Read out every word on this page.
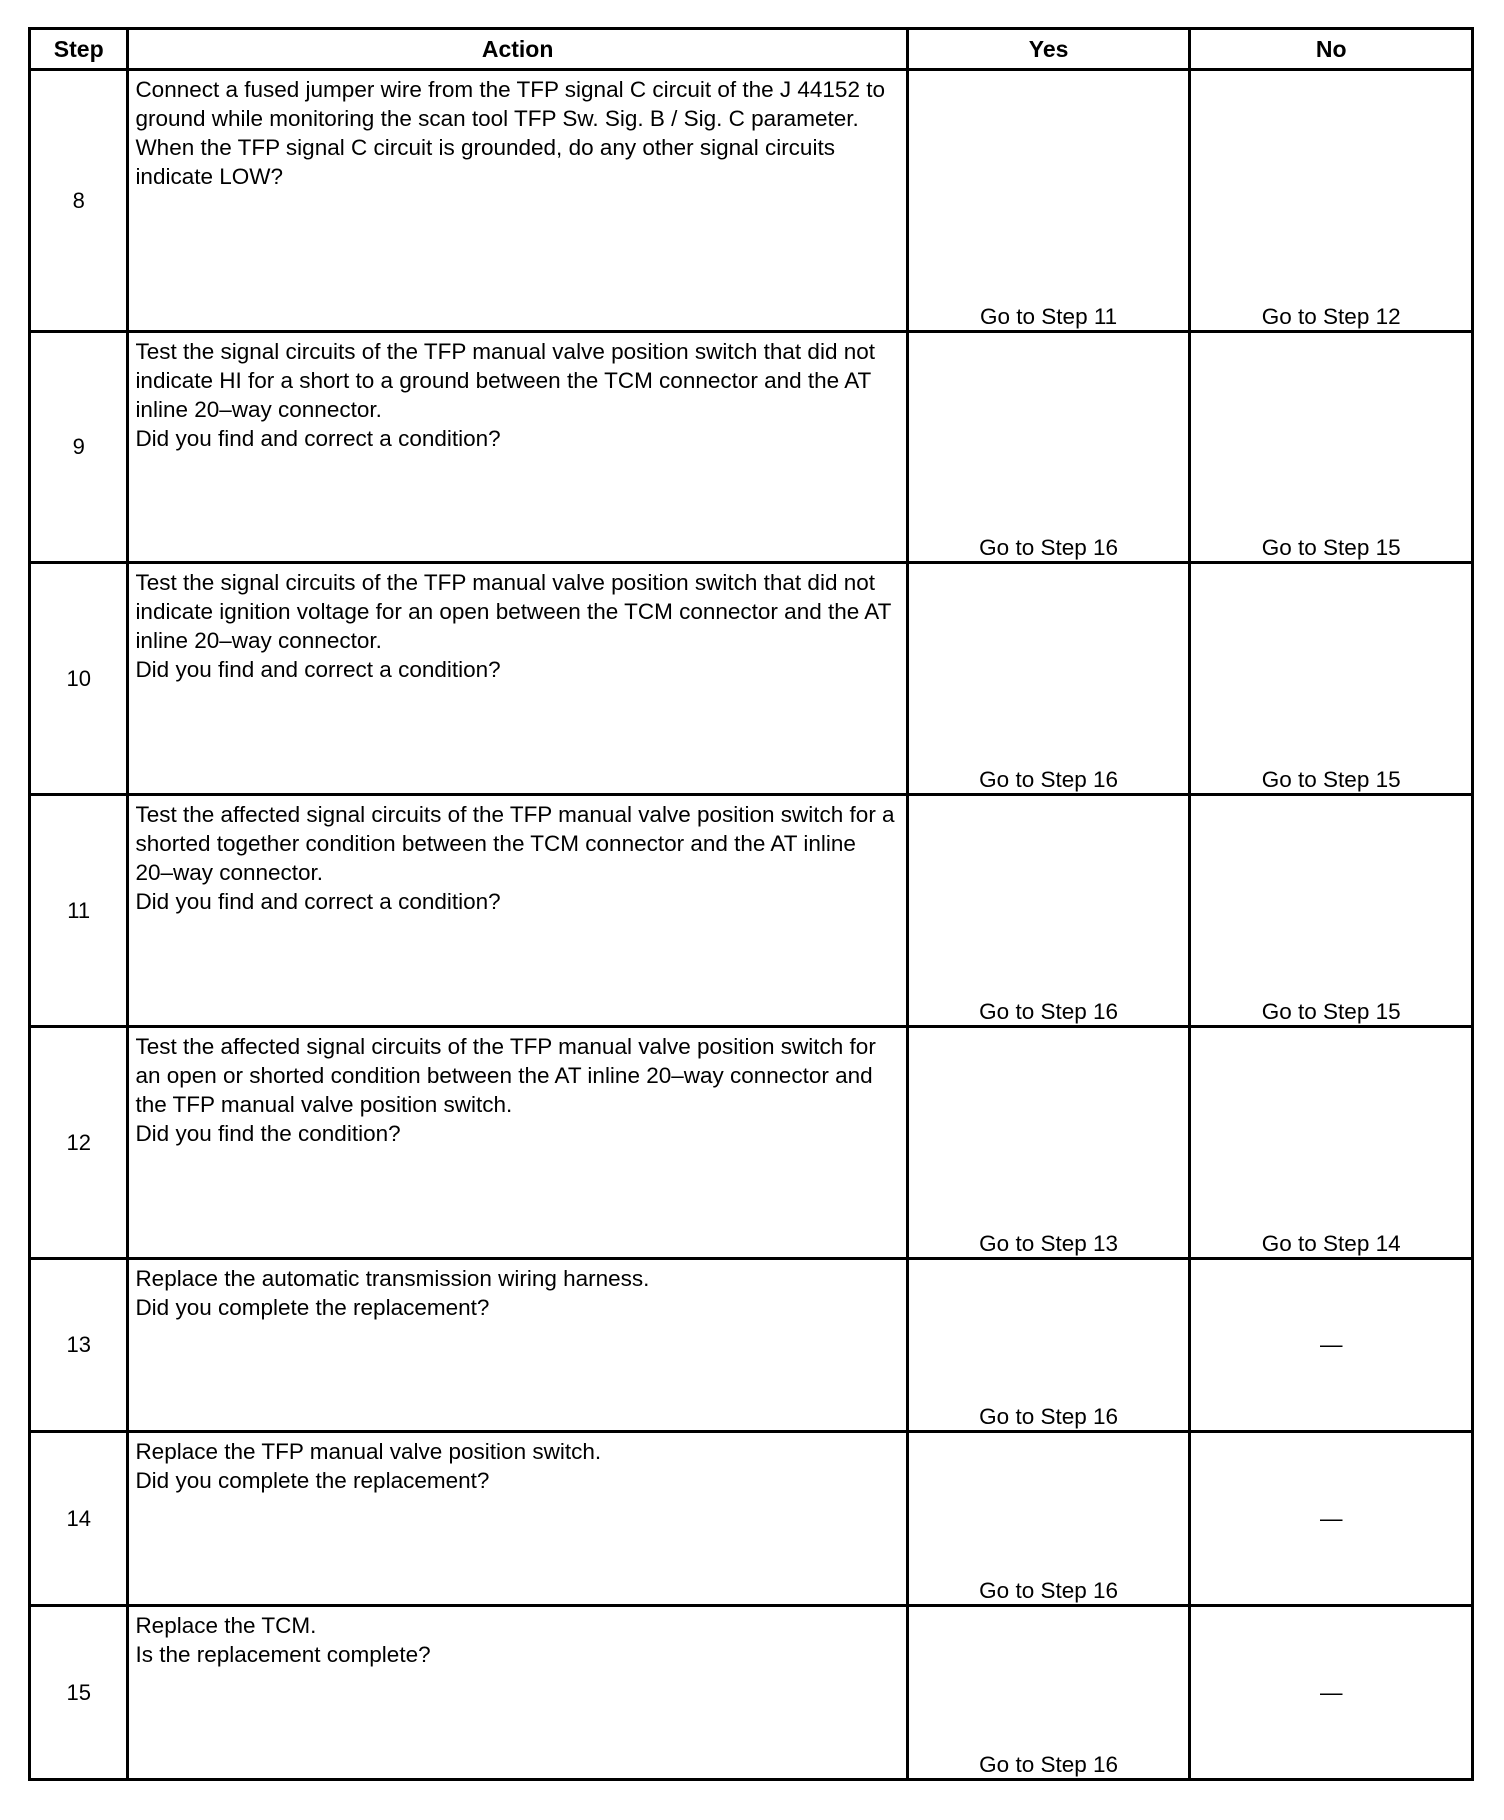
Step	Action	Yes	No
8	Connect a fused jumper wire from the TFP signal C circuit of the J 44152 to ground while monitoring the scan tool TFP Sw. Sig. B / Sig. C parameter.
When the TFP signal C circuit is grounded, do any other signal circuits indicate LOW?	Go to Step 11	Go to Step 12
9	Test the signal circuits of the TFP manual valve position switch that did not indicate HI for a short to a ground between the TCM connector and the AT inline 20–way connector.
Did you find and correct a condition?	Go to Step 16	Go to Step 15
10	Test the signal circuits of the TFP manual valve position switch that did not indicate ignition voltage for an open between the TCM connector and the AT inline 20–way connector.
Did you find and correct a condition?	Go to Step 16	Go to Step 15
11	Test the affected signal circuits of the TFP manual valve position switch for a shorted together condition between the TCM connector and the AT inline 20–way connector.
Did you find and correct a condition?	Go to Step 16	Go to Step 15
12	Test the affected signal circuits of the TFP manual valve position switch for an open or shorted condition between the AT inline 20–way connector and the TFP manual valve position switch.
Did you find the condition?	Go to Step 13	Go to Step 14
13	Replace the automatic transmission wiring harness.
Did you complete the replacement?	Go to Step 16	—
14	Replace the TFP manual valve position switch.
Did you complete the replacement?	Go to Step 16	—
15	Replace the TCM.
Is the replacement complete?	Go to Step 16	—
